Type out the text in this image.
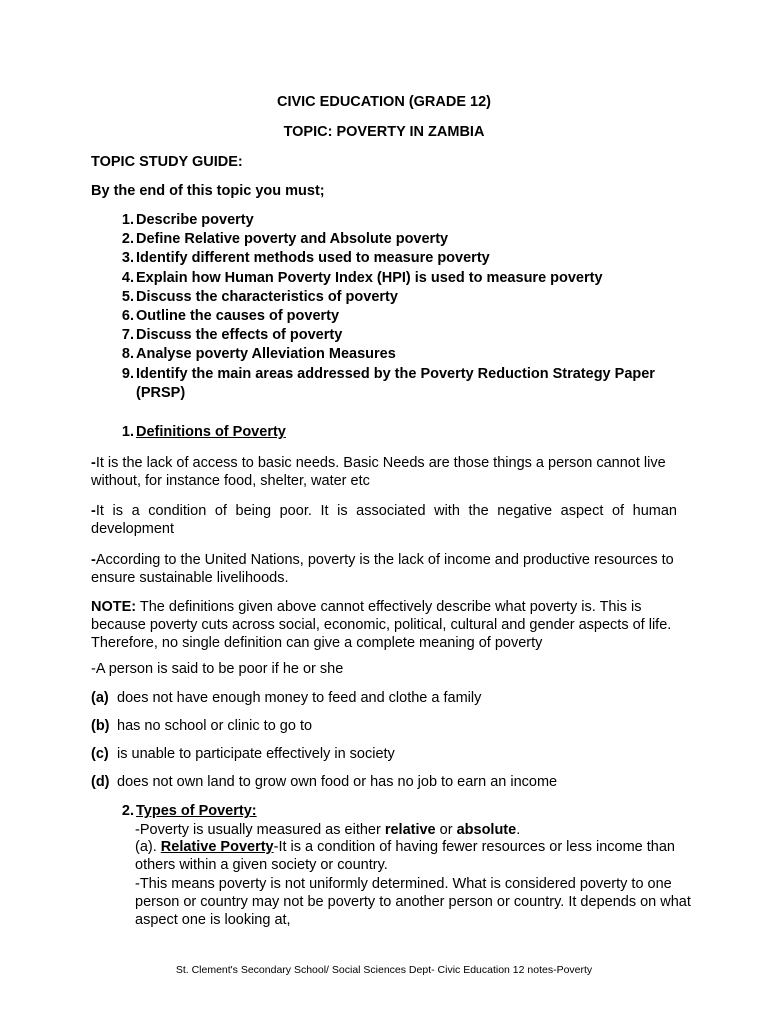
CIVIC EDUCATION (GRADE 12)
TOPIC: POVERTY IN ZAMBIA
TOPIC STUDY GUIDE:
By the end of this topic you must;
1. Describe poverty
2. Define Relative poverty and Absolute poverty
3. Identify different methods used to measure poverty
4. Explain how Human Poverty Index (HPI) is used to measure poverty
5. Discuss the characteristics of poverty
6. Outline the causes of poverty
7. Discuss the effects of poverty
8. Analyse poverty Alleviation Measures
9. Identify the main areas addressed by the Poverty Reduction Strategy Paper
(PRSP)
1. Definitions of Poverty
-It is the lack of access to basic needs. Basic Needs are those things a person cannot live without, for instance food, shelter, water etc
-It is a condition of being poor. It is associated with the negative aspect of human development
-According to the United Nations, poverty is the lack of income and productive resources to ensure sustainable livelihoods.
NOTE: The definitions given above cannot effectively describe what poverty is. This is because poverty cuts across social, economic, political, cultural and gender aspects of life. Therefore, no single definition can give a complete meaning of poverty
-A person is said to be poor if he or she
(a) does not have enough money to feed and clothe a family
(b) has no school or clinic to go to
(c) is unable to participate effectively in society
(d) does not own land to grow own food or has no job to earn an income
2. Types of Poverty:
-Poverty is usually measured as either relative or absolute.
(a). Relative Poverty-It is a condition of having fewer resources or less income than others within a given society or country.
-This means poverty is not uniformly determined. What is considered poverty to one person or country may not be poverty to another person or country. It depends on what aspect one is looking at,
St. Clement's Secondary School/ Social Sciences Dept- Civic Education 12 notes-Poverty
